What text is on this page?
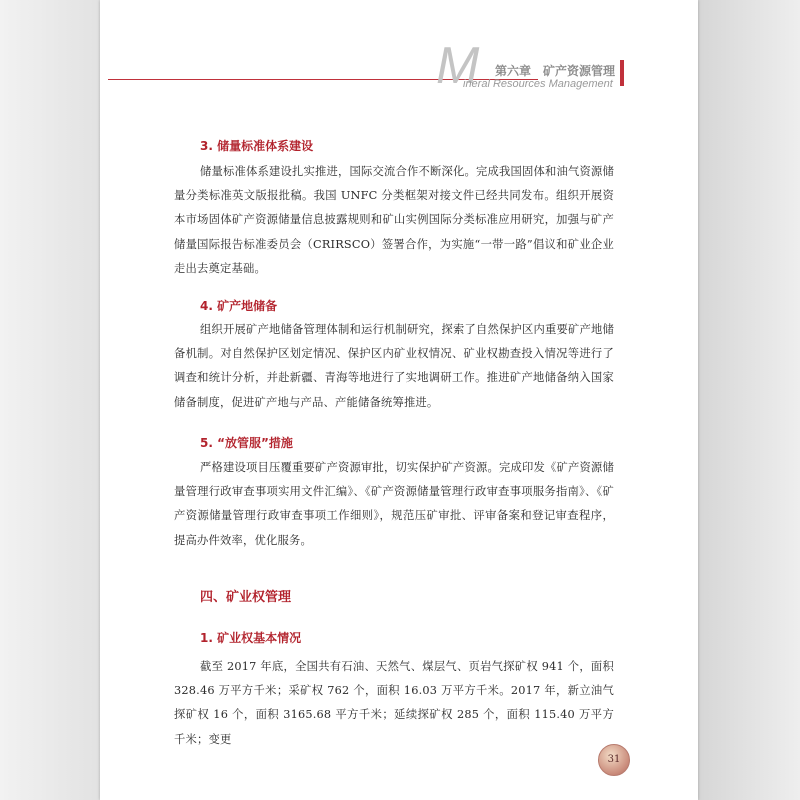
M 第六章　矿产资源管理
ineral Resources Management
3. 储量标准体系建设

储量标准体系建设扎实推进，国际交流合作不断深化。完成我国固体和油气资源储量分类标准英文版报批稿。我国 UNFC 分类框架对接文件已经共同发布。组织开展资本市场固体矿产资源储量信息披露规则和矿山实例国际分类标准应用研究，加强与矿产储量国际报告标准委员会（CRIRSCO）签署合作，为实施“一带一路”倡议和矿业企业走出去奠定基础。

4. 矿产地储备

组织开展矿产地储备管理体制和运行机制研究，探索了自然保护区内重要矿产地储备机制。对自然保护区划定情况、保护区内矿业权情况、矿业权勘查投入情况等进行了调查和统计分析，并赴新疆、青海等地进行了实地调研工作。推进矿产地储备纳入国家储备制度，促进矿产地与产品、产能储备统筹推进。

5. “放管服”措施

严格建设项目压覆重要矿产资源审批，切实保护矿产资源。完成印发《矿产资源储量管理行政审查事项实用文件汇编》、《矿产资源储量管理行政审查事项服务指南》、《矿产资源储量管理行政审查事项工作细则》，规范压矿审批、评审备案和登记审查程序，提高办件效率，优化服务。

四、矿业权管理
1. 矿业权基本情况

截至 2017 年底，全国共有石油、天然气、煤层气、页岩气探矿权 941 个，面积 328.46 万平方千米；采矿权 762 个，面积 16.03 万平方千米。2017 年，新立油气探矿权 16 个，面积 3165.68 平方千米；延续探矿权 285 个，面积 115.40 万平方千米；变更

31
